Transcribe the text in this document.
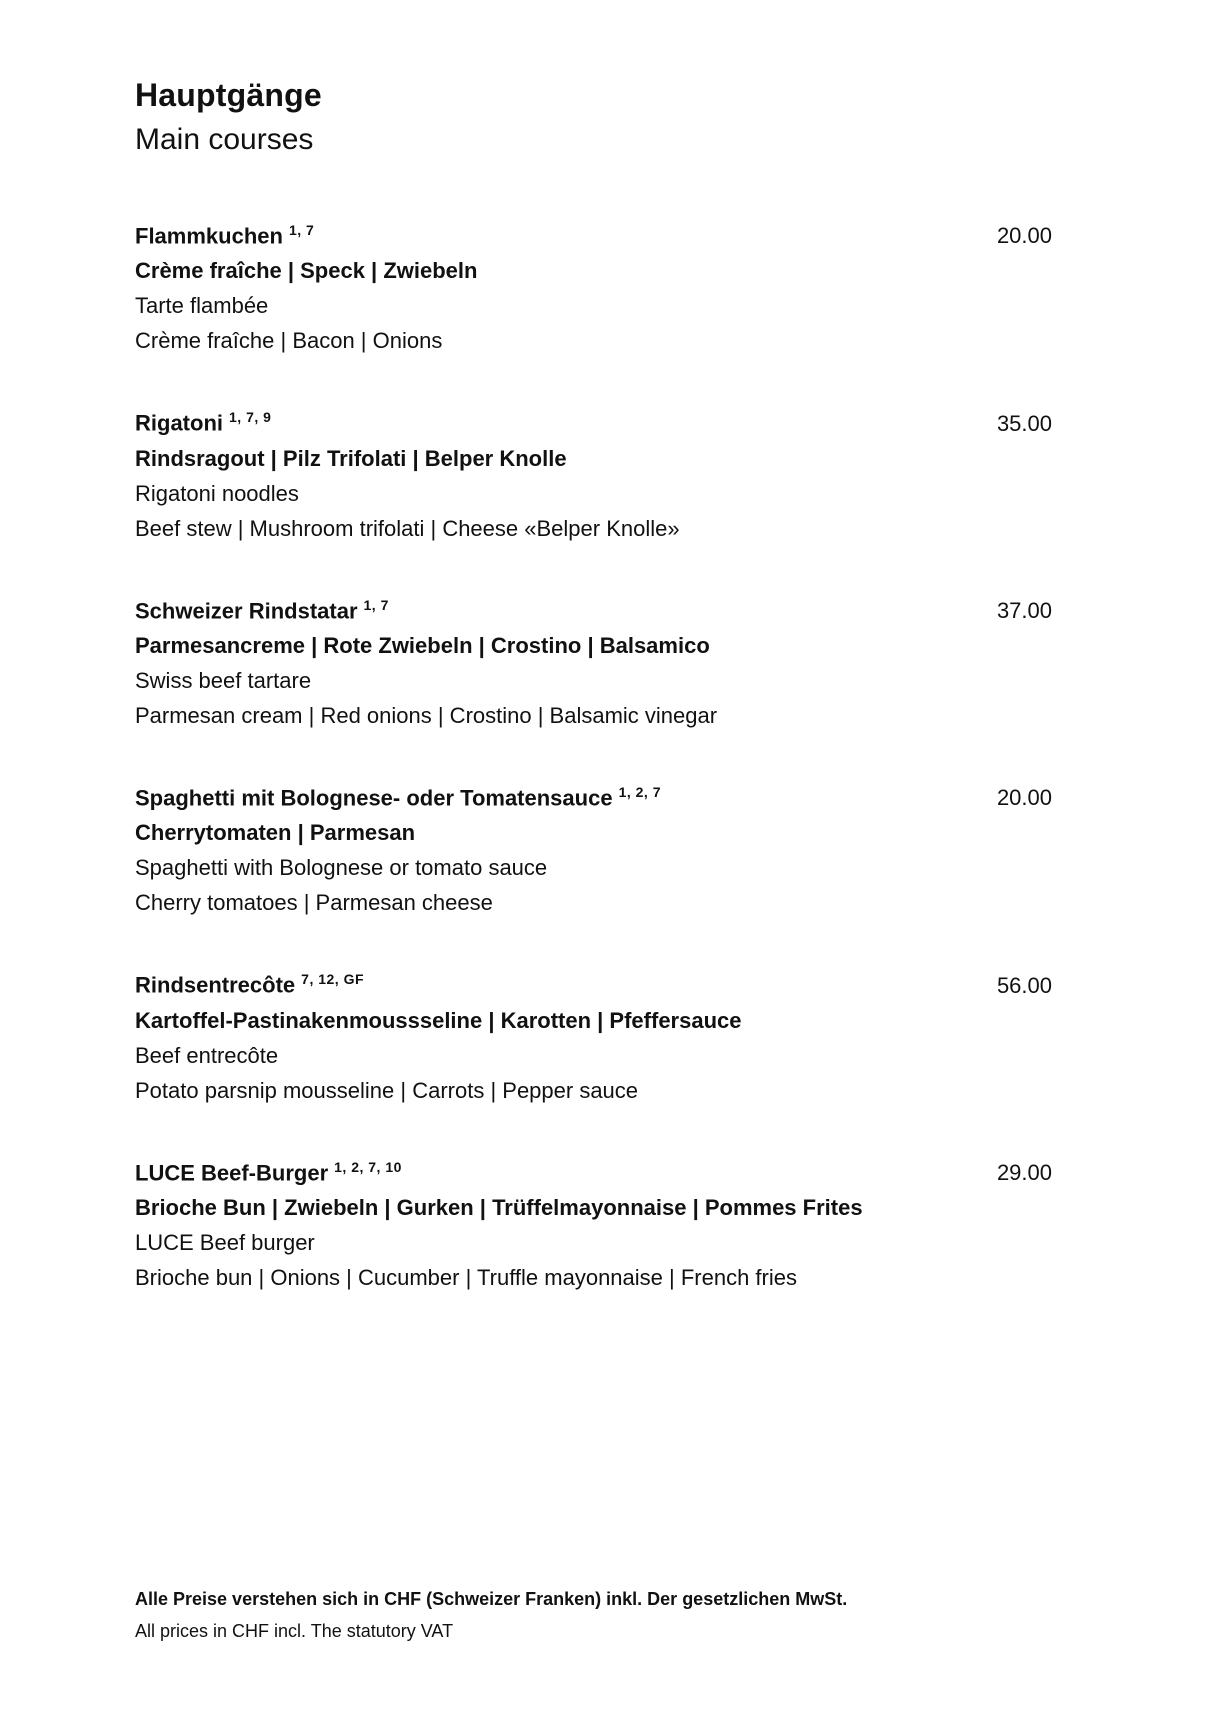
Hauptgänge
Main courses
Flammkuchen $^{1, 7}$	20.00
Crème fraîche | Speck | Zwiebeln
Tarte flambée
Crème fraîche | Bacon | Onions
Rigatoni $^{1, 7, 9}$	35.00
Rindsragout | Pilz Trifolati | Belper Knolle
Rigatoni noodles
Beef stew | Mushroom trifolati | Cheese «Belper Knolle»
Schweizer Rindstatar $^{1, 7}$	37.00
Parmesancreme | Rote Zwiebeln | Crostino | Balsamico
Swiss beef tartare
Parmesan cream | Red onions | Crostino | Balsamic vinegar
Spaghetti mit Bolognese- oder Tomatensauce $^{1, 2, 7}$	20.00
Cherrytomaten | Parmesan
Spaghetti with Bolognese or tomato sauce
Cherry tomatoes | Parmesan cheese
Rindsentrecôte $^{7, 12, GF}$	56.00
Kartoffel-Pastinakenmoussseline | Karotten | Pfeffersauce
Beef entrecôte
Potato parsnip mousseline | Carrots | Pepper sauce
LUCE Beef-Burger $^{1, 2, 7, 10}$	29.00
Brioche Bun | Zwiebeln | Gurken | Trüffelmayonnaise | Pommes Frites
LUCE Beef burger
Brioche bun | Onions | Cucumber | Truffle mayonnaise | French fries
Alle Preise verstehen sich in CHF (Schweizer Franken) inkl. Der gesetzlichen MwSt.
All prices in CHF incl. The statutory VAT
